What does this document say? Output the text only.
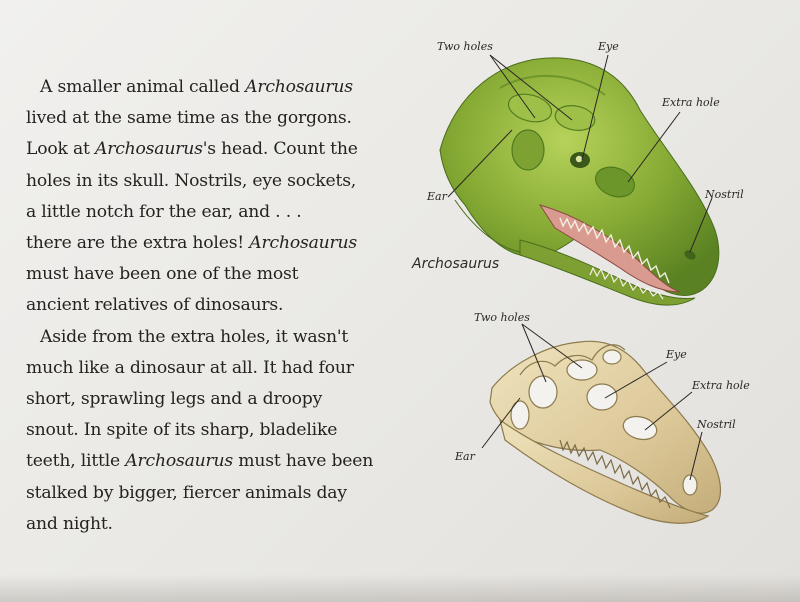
A smaller animal called Archosaurus
lived at the same time as the gorgons.
Look at Archosaurus's head. Count the
holes in its skull. Nostrils, eye sockets,
a little notch for the ear, and . . .
there are the extra holes! Archosaurus
must have been one of the most
ancient relatives of dinosaurs.
Aside from the extra holes, it wasn't
much like a dinosaur at all. It had four
short, sprawling legs and a droopy
snout. In spite of its sharp, bladelike
teeth, little Archosaurus must have been
stalked by bigger, fiercer animals day
and night.
Two holes	Eye
Extra hole
Ear	Nostril
Archosaurus
Two holes
Eye
Extra hole
Ear
Nostril
